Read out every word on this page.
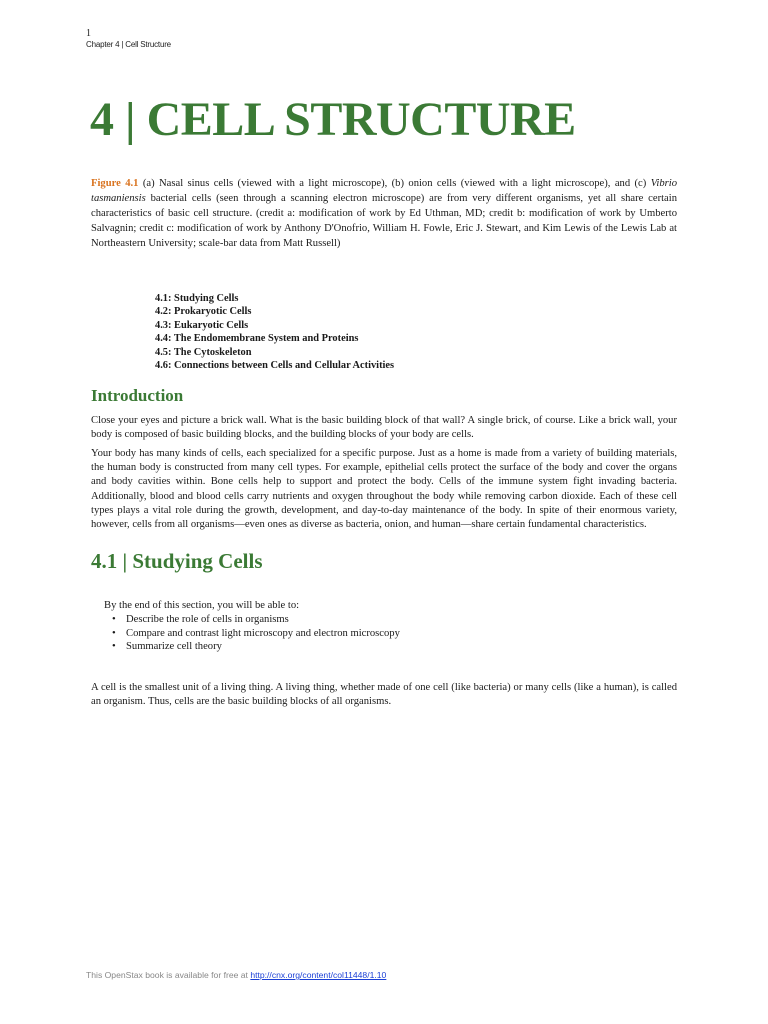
1
Chapter 4 | Cell Structure
4 | CELL STRUCTURE

Figure 4.1 (a) Nasal sinus cells (viewed with a light microscope), (b) onion cells (viewed with a light microscope), and (c) Vibrio tasmaniensis bacterial cells (seen through a scanning electron microscope) are from very different organisms, yet all share certain characteristics of basic cell structure. (credit a: modification of work by Ed Uthman, MD; credit b: modification of work by Umberto Salvagnin; credit c: modification of work by Anthony D'Onofrio, William H. Fowle, Eric J. Stewart, and Kim Lewis of the Lewis Lab at Northeastern University; scale-bar data from Matt Russell)

4.1: Studying Cells
4.2: Prokaryotic Cells
4.3: Eukaryotic Cells
4.4: The Endomembrane System and Proteins
4.5: The Cytoskeleton
4.6: Connections between Cells and Cellular Activities
Introduction

Close your eyes and picture a brick wall. What is the basic building block of that wall? A single brick, of course. Like a brick wall, your body is composed of basic building blocks, and the building blocks of your body are cells.

Your body has many kinds of cells, each specialized for a specific purpose. Just as a home is made from a variety of building materials, the human body is constructed from many cell types. For example, epithelial cells protect the surface of the body and cover the organs and body cavities within. Bone cells help to support and protect the body. Cells of the immune system fight invading bacteria. Additionally, blood and blood cells carry nutrients and oxygen throughout the body while removing carbon dioxide. Each of these cell types plays a vital role during the growth, development, and day-to-day maintenance of the body. In spite of their enormous variety, however, cells from all organisms—even ones as diverse as bacteria, onion, and human—share certain fundamental characteristics.

4.1 | Studying Cells

By the end of this section, you will be able to:

• Describe the role of cells in organisms
• Compare and contrast light microscopy and electron microscopy
• Summarize cell theory

A cell is the smallest unit of a living thing. A living thing, whether made of one cell (like bacteria) or many cells (like a human), is called an organism. Thus, cells are the basic building blocks of all organisms.

This OpenStax book is available for free at http://cnx.org/content/col11448/1.10
